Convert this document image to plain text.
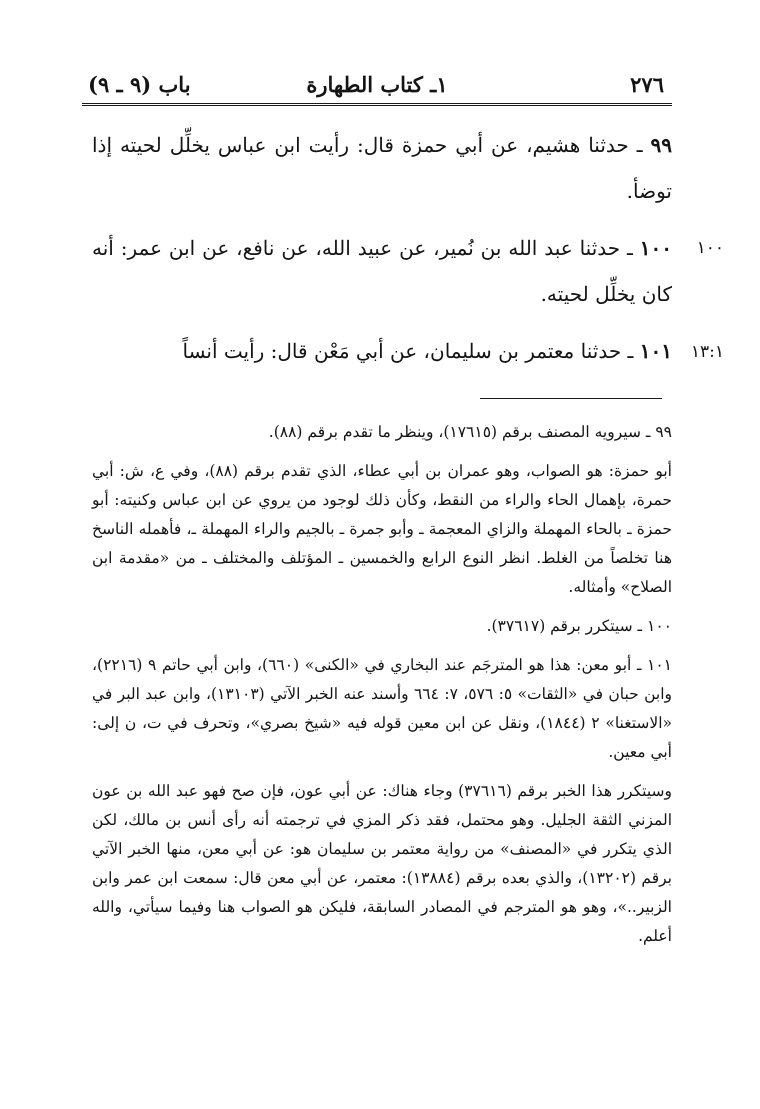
٢٧٦
١ـ كتاب الطهارة
باب (٩ ـ ٩)
٩٩ ـ حدثنا هشيم، عن أبي حمزة قال: رأيت ابن عباس يخلِّل لحيته إذا توضأ.
١٠٠
١٠٠ ـ حدثنا عبد الله بن نُمير، عن عبيد الله، عن نافع، عن ابن عمر: أنه كان يخلِّل لحيته.
١٣:١
١٠١ ـ حدثنا معتمر بن سليمان، عن أبي مَعْن قال: رأيت أنساً

٩٩ ـ سيرويه المصنف برقم (١٧٦١٥)، وينظر ما تقدم برقم (٨٨).

أبو حمزة: هو الصواب، وهو عمران بن أبي عطاء، الذي تقدم برقم (٨٨)، وفي ع، ش: أبي حمرة، بإهمال الحاء والراء من النقط، وكأن ذلك لوجود من يروي عن ابن عباس وكنيته: أبو حمزة ـ بالحاء المهملة والزاي المعجمة ـ وأبو جمرة ـ بالجيم والراء المهملة ـ، فأهمله الناسخ هنا تخلصاً من الغلط. انظر النوع الرابع والخمسين ـ المؤتلف والمختلف ـ من «مقدمة ابن الصلاح» وأمثاله.

١٠٠ ـ سيتكرر برقم (٣٧٦١٧).

١٠١ ـ أبو معن: هذا هو المترجَم عند البخاري في «الكنى» (٦٦٠)، وابن أبي حاتم ٩ (٢٢١٦)، وابن حبان في «الثقات» ٥: ٥٧٦، ٧: ٦٦٤ وأسند عنه الخبر الآتي (١٣١٠٣)، وابن عبد البر في «الاستغنا» ٢ (١٨٤٤)، ونقل عن ابن معين قوله فيه «شيخ بصري»، وتحرف في ت، ن إلى: أبي معين.

وسيتكرر هذا الخبر برقم (٣٧٦١٦) وجاء هناك: عن أبي عون، فإن صح فهو عبد الله بن عون المزني الثقة الجليل. وهو محتمل، فقد ذكر المزي في ترجمته أنه رأى أنس بن مالك، لكن الذي يتكرر في «المصنف» من رواية معتمر بن سليمان هو: عن أبي معن، منها الخبر الآتي برقم (١٣٢٠٢)، والذي بعده برقم (١٣٨٨٤): معتمر، عن أبي معن قال: سمعت ابن عمر وابن الزبير..»، وهو هو المترجم في المصادر السابقة، فليكن هو الصواب هنا وفيما سيأتي، والله أعلم.
